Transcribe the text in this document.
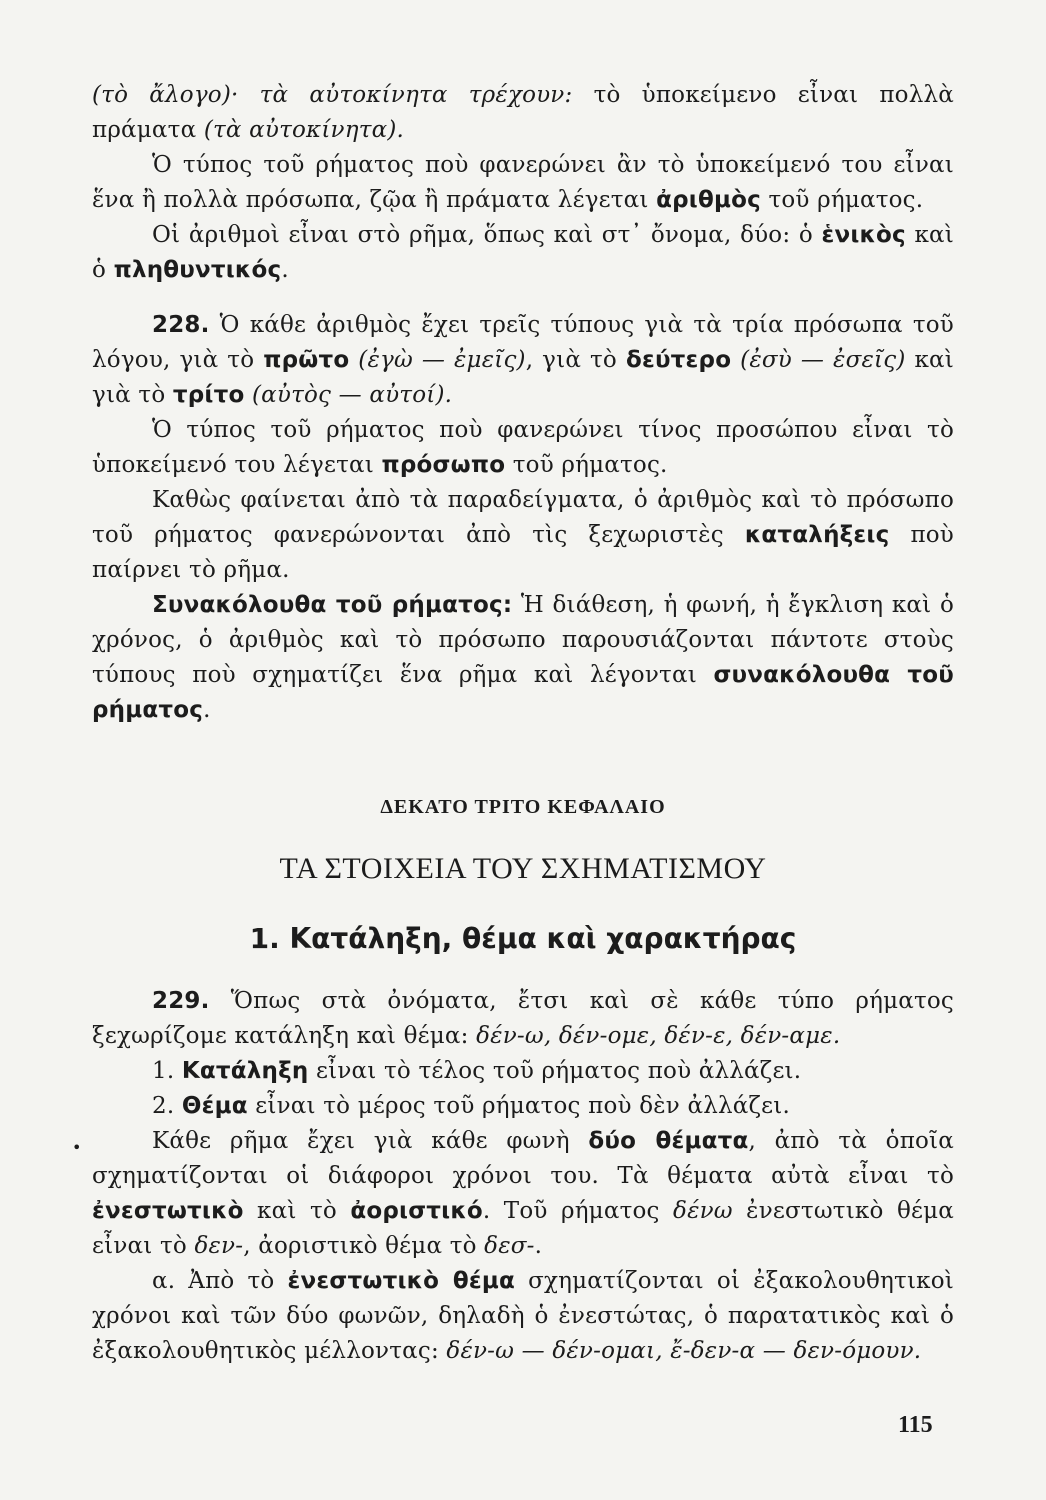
(τὸ ἄλογο)· τὰ αὐτοκίνητα τρέχουν: τὸ ὑποκείμενο εἶναι πολλὰ πράματα (τὰ αὐτοκίνητα).

Ὁ τύπος τοῦ ρήματος ποὺ φανερώνει ἂν τὸ ὑποκείμενό του εἶναι ἕνα ἢ πολλὰ πρόσωπα, ζῷα ἢ πράματα λέγεται ἀριθμὸς τοῦ ρήματος.

Οἱ ἀριθμοὶ εἶναι στὸ ρῆμα, ὅπως καὶ στ᾽ ὄνομα, δύο: ὁ ἑνικὸς καὶ ὁ πληθυντικός.

228. Ὁ κάθε ἀριθμὸς ἔχει τρεῖς τύπους γιὰ τὰ τρία πρόσωπα τοῦ λόγου, γιὰ τὸ πρῶτο (ἐγὼ — ἐμεῖς), γιὰ τὸ δεύτερο (ἐσὺ — ἐσεῖς) καὶ γιὰ τὸ τρίτο (αὐτὸς — αὐτοί).

Ὁ τύπος τοῦ ρήματος ποὺ φανερώνει τίνος προσώπου εἶναι τὸ ὑποκείμενό του λέγεται πρόσωπο τοῦ ρήματος.

Καθὼς φαίνεται ἀπὸ τὰ παραδείγματα, ὁ ἀριθμὸς καὶ τὸ πρόσωπο τοῦ ρήματος φανερώνονται ἀπὸ τὶς ξεχωριστὲς καταλήξεις ποὺ παίρνει τὸ ρῆμα.

Συνακόλουθα τοῦ ρήματος: Ἡ διάθεση, ἡ φωνή, ἡ ἔγκλιση καὶ ὁ χρόνος, ὁ ἀριθμὸς καὶ τὸ πρόσωπο παρουσιάζονται πάντοτε στοὺς τύπους ποὺ σχηματίζει ἕνα ρῆμα καὶ λέγονται συνακόλουθα τοῦ ρήματος.

ΔΕΚΑΤΟ ΤΡΙΤΟ ΚΕΦΑΛΑΙΟ
ΤΑ ΣΤΟΙΧΕΙΑ ΤΟΥ ΣΧΗΜΑΤΙΣΜΟΥ
1. Κατάληξη, θέμα καὶ χαρακτήρας
•

229. Ὅπως στὰ ὀνόματα, ἔτσι καὶ σὲ κάθε τύπο ρήματος ξεχωρίζομε κατάληξη καὶ θέμα: δέν-ω, δέν-ομε, δέν-ε, δέν-αμε.

1. Κατάληξη εἶναι τὸ τέλος τοῦ ρήματος ποὺ ἀλλάζει.

2. Θέμα εἶναι τὸ μέρος τοῦ ρήματος ποὺ δὲν ἀλλάζει.

Κάθε ρῆμα ἔχει γιὰ κάθε φωνὴ δύο θέματα, ἀπὸ τὰ ὁποῖα σχηματίζονται οἱ διάφοροι χρόνοι του. Τὰ θέματα αὐτὰ εἶναι τὸ ἐνεστωτικὸ καὶ τὸ ἀοριστικό. Τοῦ ρήματος δένω ἐνεστωτικὸ θέμα εἶναι τὸ δεν-, ἀοριστικὸ θέμα τὸ δεσ-.

α. Ἀπὸ τὸ ἐνεστωτικὸ θέμα σχηματίζονται οἱ ἐξακολουθητικοὶ χρόνοι καὶ τῶν δύο φωνῶν, δηλαδὴ ὁ ἐνεστώτας, ὁ παρατατικὸς καὶ ὁ ἐξακολουθητικὸς μέλλοντας: δέν-ω — δέν-ομαι, ἔ-δεν-α — δεν-όμουν.

115
